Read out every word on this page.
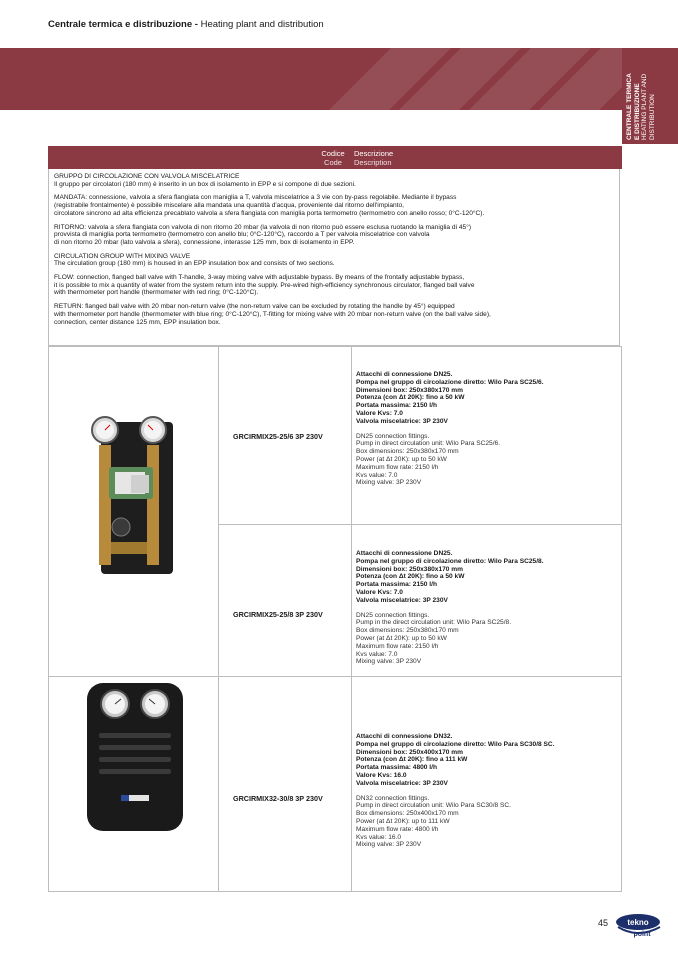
Centrale termica e distribuzione - Heating plant and distribution
CENTRALE TERMICA E DISTRIBUZIONE HEATING PLANT AND DISTRIBUTION
Codice
Code
Descrizione
Description

GRUPPO DI CIRCOLAZIONE CON VALVOLA MISCELATRICE

Il gruppo per circolatori (180 mm) è inserito in un box di isolamento in EPP e si compone di due sezioni.

MANDATA: connessione, valvola a sfera flangiata con maniglia a T, valvola miscelatrice a 3 vie con by-pass regolabile. Mediante il bypass
(registrabile frontalmente) è possibile miscelare alla mandata una quantità d'acqua, proveniente dal ritorno dell'impianto,
circolatore sincrono ad alta efficienza precablato valvola a sfera flangiata con maniglia porta termometro (termometro con anello rosso; 0°C-120°C).

RITORNO: valvola a sfera flangiata con valvola di non ritorno 20 mbar (la valvola di non ritorno può essere esclusa ruotando la maniglia di 45°)
provvista di maniglia porta termometro (termometro con anello blu; 0°C-120°C), raccordo a T per valvola miscelatrice con valvola
di non ritorno 20 mbar (lato valvola a sfera), connessione, interasse 125 mm, box di isolamento in EPP.

CIRCULATION GROUP WITH MIXING VALVE

The circulation group (180 mm) is housed in an EPP insulation box and consists of two sections.

FLOW: connection, flanged ball valve with T-handle, 3-way mixing valve with adjustable bypass. By means of the frontally adjustable bypass,
it is possible to mix a quantity of water from the system return into the supply. Pre-wired high-efficiency synchronous circulator, flanged ball valve
with thermometer port handle (thermometer with red ring; 0°C-120°C).

RETURN: flanged ball valve with 20 mbar non-return valve (the non-return valve can be excluded by rotating the handle by 45°) equipped
with thermometer port handle (thermometer with blue ring; 0°C-120°C), T-fitting for mixing valve with 20 mbar non-return valve (on the ball valve side),
connection, center distance 125 mm, EPP insulation box.

GRCIRMIX25-25/6 3P 230V
GRCIRMIX25-25/8 3P 230V
GRCIRMIX32-30/8 3P 230V
Attacchi di connessione DN25.
Pompa nel gruppo di circolazione diretto: Wilo Para SC25/6.
Dimensioni box: 250x380x170 mm
Potenza (con Δt 20K): fino a 50 kW
Portata massima: 2150 l/h
Valore Kvs: 7.0
Valvola miscelatrice: 3P 230V
DN25 connection fittings.
Pump in direct circulation unit: Wilo Para SC25/6.
Box dimensions: 250x380x170 mm
Power (at Δt 20K): up to 50 kW
Maximum flow rate: 2150 l/h
Kvs value: 7.0
Mixing valve: 3P 230V
Attacchi di connessione DN25.
Pompa nel gruppo di circolazione diretto: Wilo Para SC25/8.
Dimensioni box: 250x380x170 mm
Potenza (con Δt 20K): fino a 50 kW
Portata massima: 2150 l/h
Valore Kvs: 7.0
Valvola miscelatrice: 3P 230V
DN25 connection fittings.
Pump in the direct circulation unit: Wilo Para SC25/8.
Box dimensions: 250x380x170 mm
Power (at Δt 20K): up to 50 kW
Maximum flow rate: 2150 l/h
Kvs value: 7.0
Mixing valve: 3P 230V
Attacchi di connessione DN32.
Pompa nel gruppo di circolazione diretto: Wilo Para SC30/8 SC.
Dimensioni box: 250x400x170 mm
Potenza (con Δt 20K): fino a 111 kW
Portata massima: 4800 l/h
Valore Kvs: 16.0
Valvola miscelatrice: 3P 230V
DN32 connection fittings.
Pump in direct circulation unit: Wilo Para SC30/8 SC.
Box dimensions: 250x400x170 mm
Power (at Δt 20K): up to 111 kW
Maximum flow rate: 4800 l/h
Kvs value: 16.0
Mixing valve: 3P 230V
45 tekno
point
